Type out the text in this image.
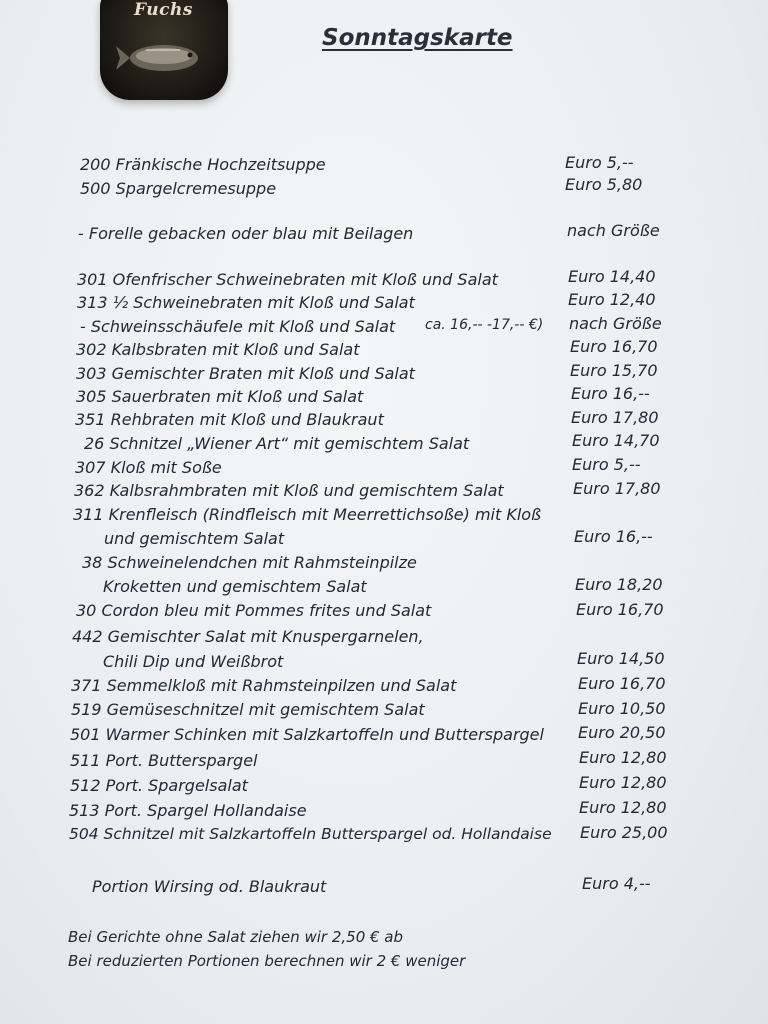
Fuchs
Sonntagskarte
200 Fränkische Hochzeitsuppe	Euro 5,--
500 Spargelcremesuppe	Euro 5,80
- Forelle gebacken oder blau mit Beilagen	nach Größe
301 Ofenfrischer Schweinebraten mit Kloß und Salat	Euro 14,40
313 ½ Schweinebraten mit Kloß und Salat	Euro 12,40
- Schweinsschäufele mit Kloß und Salat ca. 16,-- -17,-- €) nach Größe
302 Kalbsbraten mit Kloß und Salat	Euro 16,70
303 Gemischter Braten mit Kloß und Salat	Euro 15,70
305 Sauerbraten mit Kloß und Salat	Euro 16,--
351 Rehbraten mit Kloß und Blaukraut	Euro 17,80
26 Schnitzel „Wiener Art“ mit gemischtem Salat	Euro 14,70
307 Kloß mit Soße	Euro 5,--
362 Kalbsrahmbraten mit Kloß und gemischtem Salat	Euro 17,80
311 Krenfleisch (Rindfleisch mit Meerrettichsoße) mit Kloß
und gemischtem Salat	Euro 16,--
38 Schweinelendchen mit Rahmsteinpilze
Kroketten und gemischtem Salat	Euro 18,20
30 Cordon bleu mit Pommes frites und Salat	Euro 16,70
442 Gemischter Salat mit Knuspergarnelen,
Chili Dip und Weißbrot	Euro 14,50
371 Semmelkloß mit Rahmsteinpilzen und Salat	Euro 16,70
519 Gemüseschnitzel mit gemischtem Salat	Euro 10,50
501 Warmer Schinken mit Salzkartoffeln und Butterspargel Euro 20,50
511 Port. Butterspargel	Euro 12,80
512 Port. Spargelsalat	Euro 12,80
513 Port. Spargel Hollandaise	Euro 12,80
504 Schnitzel mit Salzkartoffeln Butterspargel od. Hollandaise Euro 25,00
Portion Wirsing od. Blaukraut	Euro 4,--
Bei Gerichte ohne Salat ziehen wir 2,50 € ab
Bei reduzierten Portionen berechnen wir 2 € weniger
